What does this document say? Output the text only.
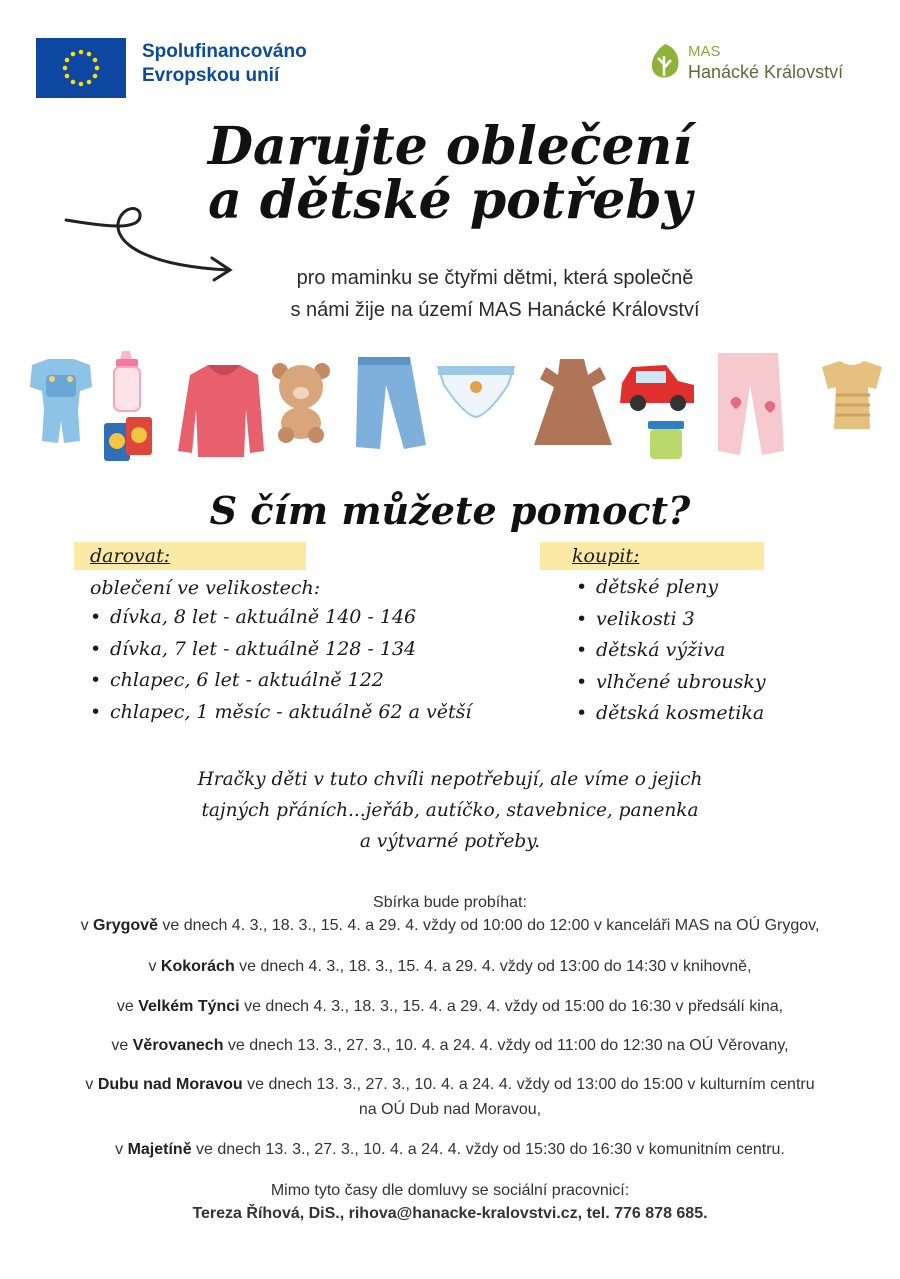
Spolufinancováno
Evropskou unií
MAS
Hanácké Království
Darujte oblečení
a dětské potřeby
pro maminku se čtyřmi dětmi, která společně
s námi žije na území MAS Hanácké Království
S čím můžete pomoct?
darovat:
oblečení ve velikostech:
• dívka, 8 let - aktuálně 140 - 146
• dívka, 7 let - aktuálně 128 - 134
• chlapec, 6 let - aktuálně 122
• chlapec, 1 měsíc - aktuálně 62 a větší
koupit:
• dětské pleny
• velikosti 3
• dětská výživa
• vlhčené ubrousky
• dětská kosmetika
Hračky děti v tuto chvíli nepotřebují, ale víme o jejich
tajných přáních...jeřáb, autíčko, stavebnice, panenka
a výtvarné potřeby.
Sbírka bude probíhat:
v Grygově ve dnech 4. 3., 18. 3., 15. 4. a 29. 4. vždy od 10:00 do 12:00 v kanceláři MAS na OÚ Grygov,
v Kokorách ve dnech 4. 3., 18. 3., 15. 4. a 29. 4. vždy od 13:00 do 14:30 v knihovně,
ve Velkém Týnci ve dnech 4. 3., 18. 3., 15. 4. a 29. 4. vždy od 15:00 do 16:30 v předsálí kina,
ve Věrovanech ve dnech 13. 3., 27. 3., 10. 4. a 24. 4. vždy od 11:00 do 12:30 na OÚ Věrovany,
v Dubu nad Moravou ve dnech 13. 3., 27. 3., 10. 4. a 24. 4. vždy od 13:00 do 15:00 v kulturním centru
na OÚ Dub nad Moravou,
v Majetíně ve dnech 13. 3., 27. 3., 10. 4. a 24. 4. vždy od 15:30 do 16:30 v komunitním centru.
Mimo tyto časy dle domluvy se sociální pracovnicí:
Tereza Říhová, DiS., rihova@hanacke-kralovstvi.cz, tel. 776 878 685.
